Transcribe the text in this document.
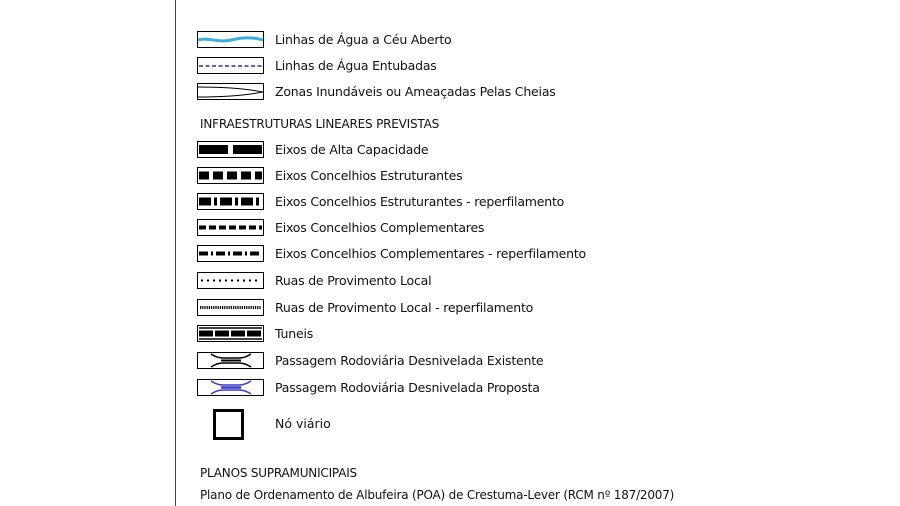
Linhas de Água a Céu Aberto
Linhas de Água Entubadas
Zonas Inundáveis ou Ameaçadas Pelas Cheias
INFRAESTRUTURAS LINEARES PREVISTAS
Eixos de Alta Capacidade
Eixos Concelhios Estruturantes
Eixos Concelhios Estruturantes - reperfilamento
Eixos Concelhios Complementares
Eixos Concelhios Complementares - reperfilamento
Ruas de Provimento Local
Ruas de Provimento Local - reperfilamento
Tuneis
Passagem Rodoviária Desnivelada Existente
Passagem Rodoviária Desnivelada Proposta
Nó viário
PLANOS SUPRAMUNICIPAIS
Plano de Ordenamento de Albufeira (POA) de Crestuma-Lever (RCM nº 187/2007)
